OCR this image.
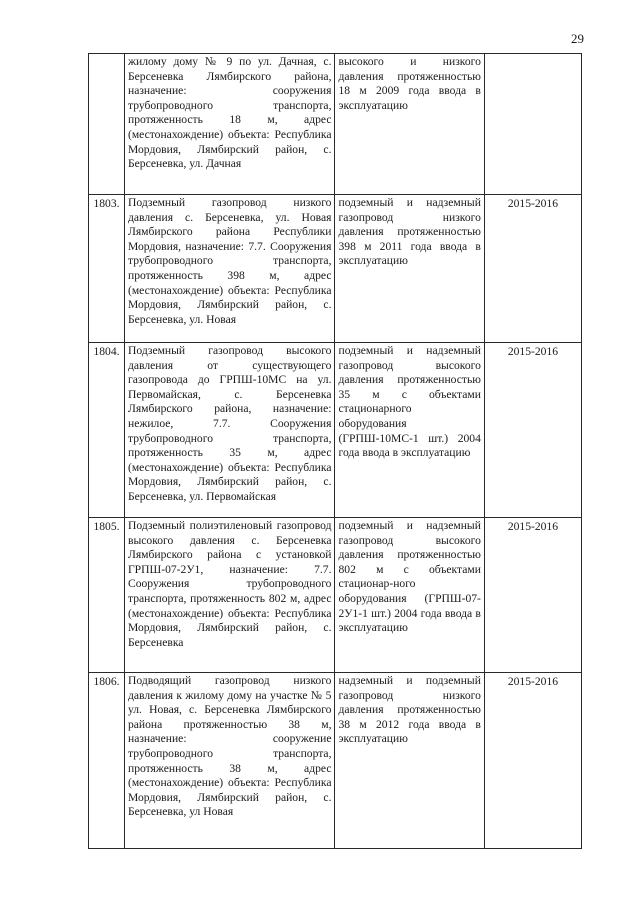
29
	жилому дому № 9 по ул. Дачная, с. Берсеневка Лямбирского района, назначение: сооружения трубопроводного транспорта, протяженность 18 м, адрес (местонахождение) объекта: Республика Мордовия, Лямбирский район, с. Берсеневка, ул. Дачная	высокого и низкого давления протяженностью 18 м 2009 года ввода в эксплуатацию	
1803.	Подземный газопровод низкого давления с. Берсеневка, ул. Новая Лямбирского района Республики Мордовия, назначение: 7.7. Сооружения трубопроводного транспорта, протяженность 398 м, адрес (местонахождение) объекта: Республика Мордовия, Лямбирский район, с. Берсеневка, ул. Новая	подземный и надземный газопровод низкого давления протяженностью 398 м 2011 года ввода в эксплуатацию	2015-2016
1804.	Подземный газопровод высокого давления от существующего газопровода до ГРПШ-10МС на ул. Первомайская, с. Берсеневка Лямбирского района, назначение: нежилое, 7.7. Сооружения трубопроводного транспорта, протяженность 35 м, адрес (местонахождение) объекта: Республика Мордовия, Лямбирский район, с. Берсеневка, ул. Первомайская	подземный и надземный газопровод высокого давления протяженностью 35 м с объектами стационарного оборудования (ГРПШ-10МС-1 шт.) 2004 года ввода в эксплуатацию	2015-2016
1805.	Подземный полиэтиленовый газопровод высокого давления с. Берсеневка Лямбирского района с установкой ГРПШ-07-2У1, назначение: 7.7. Сооружения трубопроводного транспорта, протяженность 802 м, адрес (местонахождение) объекта: Республика Мордовия, Лямбирский район, с. Берсеневка	подземный и надземный газопровод высокого давления протяженностью 802 м с объектами стационар-ного оборудования (ГРПШ-07-2У1-1 шт.) 2004 года ввода в эксплуатацию	2015-2016
1806.	Подводящий газопровод низкого давления к жилому дому на участке № 5 ул. Новая, с. Берсеневка Лямбирского района протяженностью 38 м, назначение: сооружение трубопроводного транспорта, протяженность 38 м, адрес (местонахождение) объекта: Республика Мордовия, Лямбирский район, с. Берсеневка, ул Новая	надземный и подземный газопровод низкого давления протяженностью 38 м 2012 года ввода в эксплуатацию	2015-2016
